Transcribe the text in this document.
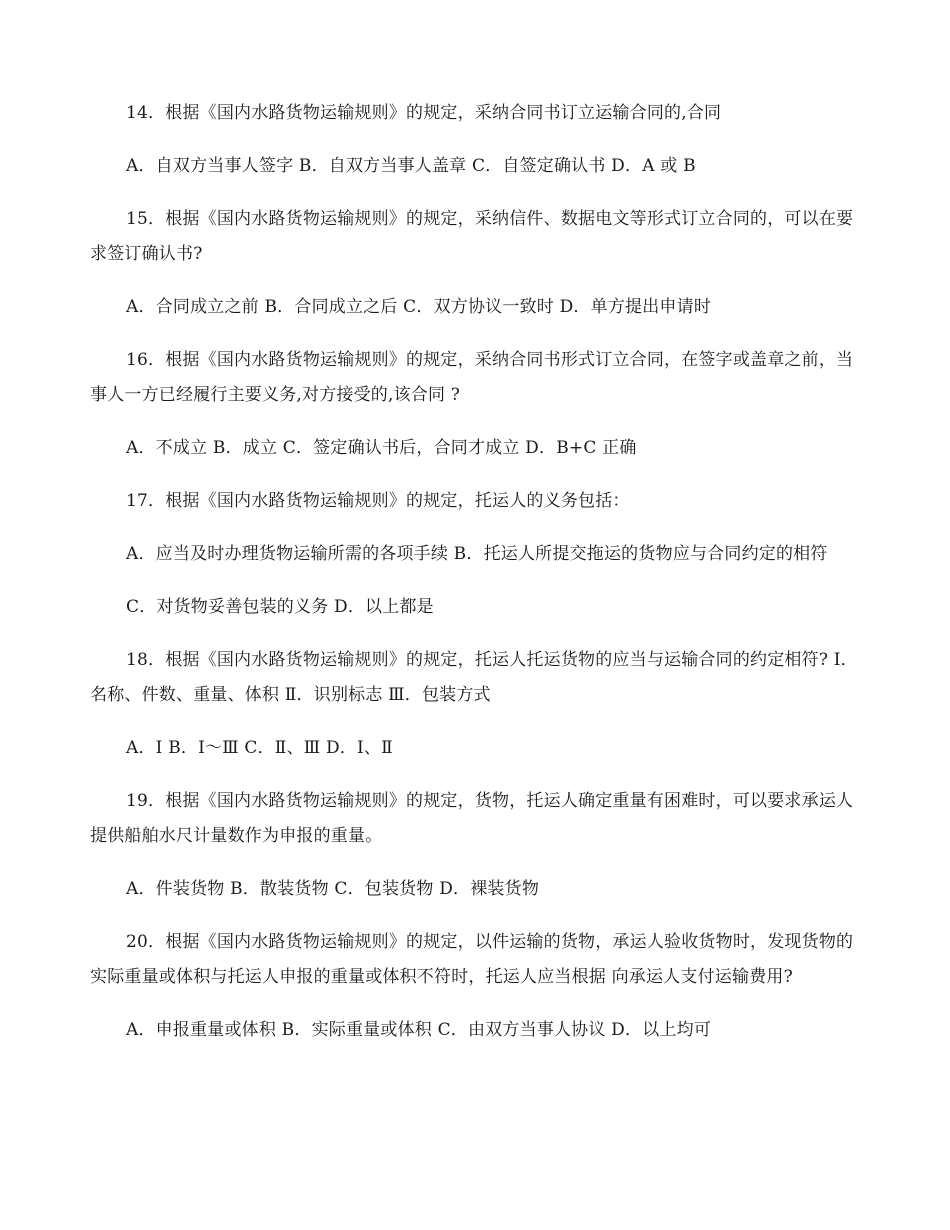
14．根据《国内水路货物运输规则》的规定，采纳合同书订立运输合同的,合同

A．自双方当事人签字 B．自双方当事人盖章 C．自签定确认书 D．A 或 B

15．根据《国内水路货物运输规则》的规定，采纳信件、数据电文等形式订立合同的，可以在要求签订确认书?

A．合同成立之前 B．合同成立之后 C．双方协议一致时 D．单方提出申请时

16．根据《国内水路货物运输规则》的规定，采纳合同书形式订立合同，在签字或盖章之前，当事人一方已经履行主要义务,对方接受的,该合同 ?

A．不成立 B．成立 C．签定确认书后，合同才成立 D．B+C 正确

17．根据《国内水路货物运输规则》的规定，托运人的义务包括：

A．应当及时办理货物运输所需的各项手续 B．托运人所提交拖运的货物应与合同约定的相符

C．对货物妥善包装的义务 D．以上都是

18．根据《国内水路货物运输规则》的规定，托运人托运货物的应当与运输合同的约定相符? Ⅰ．名称、件数、重量、体积 Ⅱ．识别标志 Ⅲ．包装方式

A．Ⅰ B．Ⅰ～Ⅲ C．Ⅱ、Ⅲ D．Ⅰ、Ⅱ

19．根据《国内水路货物运输规则》的规定，货物，托运人确定重量有困难时，可以要求承运人提供船舶水尺计量数作为申报的重量。

A．件装货物 B．散装货物 C．包装货物 D．裸装货物

20．根据《国内水路货物运输规则》的规定，以件运输的货物，承运人验收货物时，发现货物的实际重量或体积与托运人申报的重量或体积不符时，托运人应当根据 向承运人支付运输费用?

A．申报重量或体积 B．实际重量或体积 C．由双方当事人协议 D．以上均可
